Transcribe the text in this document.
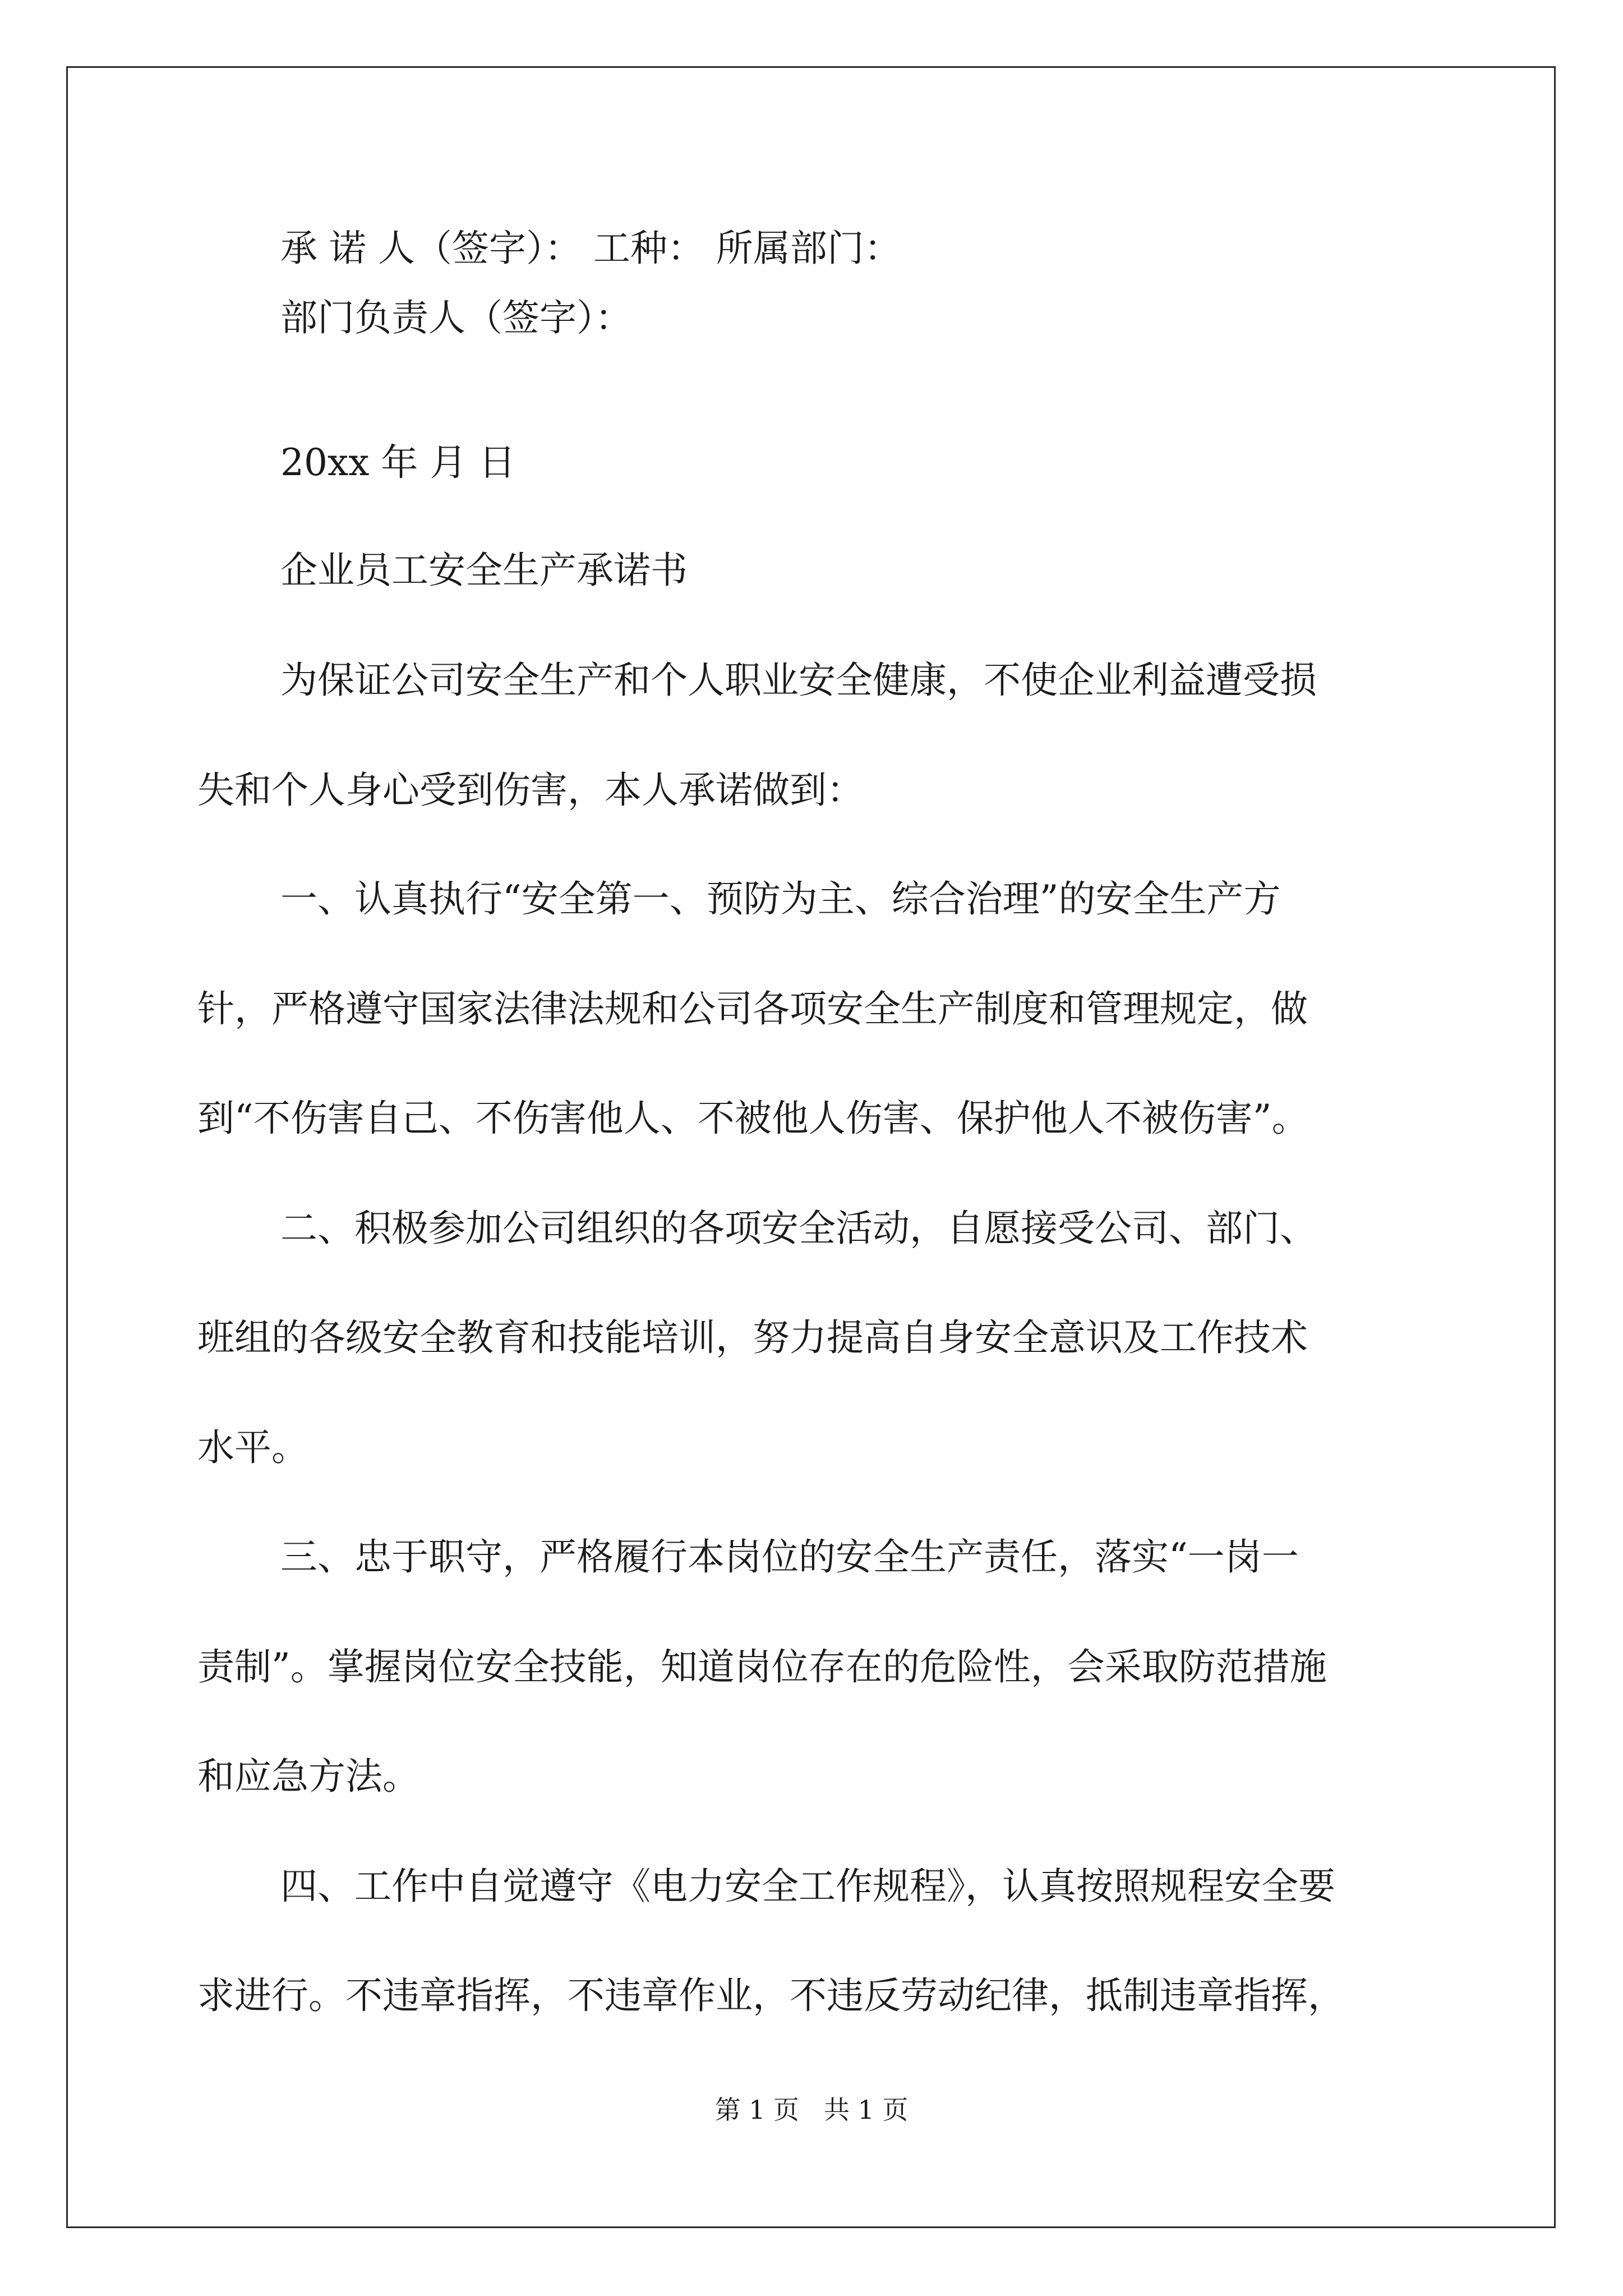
承 诺 人（签字）： 工种： 所属部门：

部门负责人（签字）：

20xx 年 月 日

企业员工安全生产承诺书

为保证公司安全生产和个人职业安全健康，不使企业利益遭受损

失和个人身心受到伤害，本人承诺做到：

一、认真执行“安全第一、预防为主、综合治理”的安全生产方

针，严格遵守国家法律法规和公司各项安全生产制度和管理规定，做

到“不伤害自己、不伤害他人、不被他人伤害、保护他人不被伤害”。

二、积极参加公司组织的各项安全活动，自愿接受公司、部门、

班组的各级安全教育和技能培训，努力提高自身安全意识及工作技术

水平。

三、忠于职守，严格履行本岗位的安全生产责任，落实“一岗一

责制”。掌握岗位安全技能，知道岗位存在的危险性，会采取防范措施

和应急方法。

四、工作中自觉遵守《电力安全工作规程》，认真按照规程安全要

求进行。不违章指挥，不违章作业，不违反劳动纪律，抵制违章指挥，

第 1 页   共 1 页
